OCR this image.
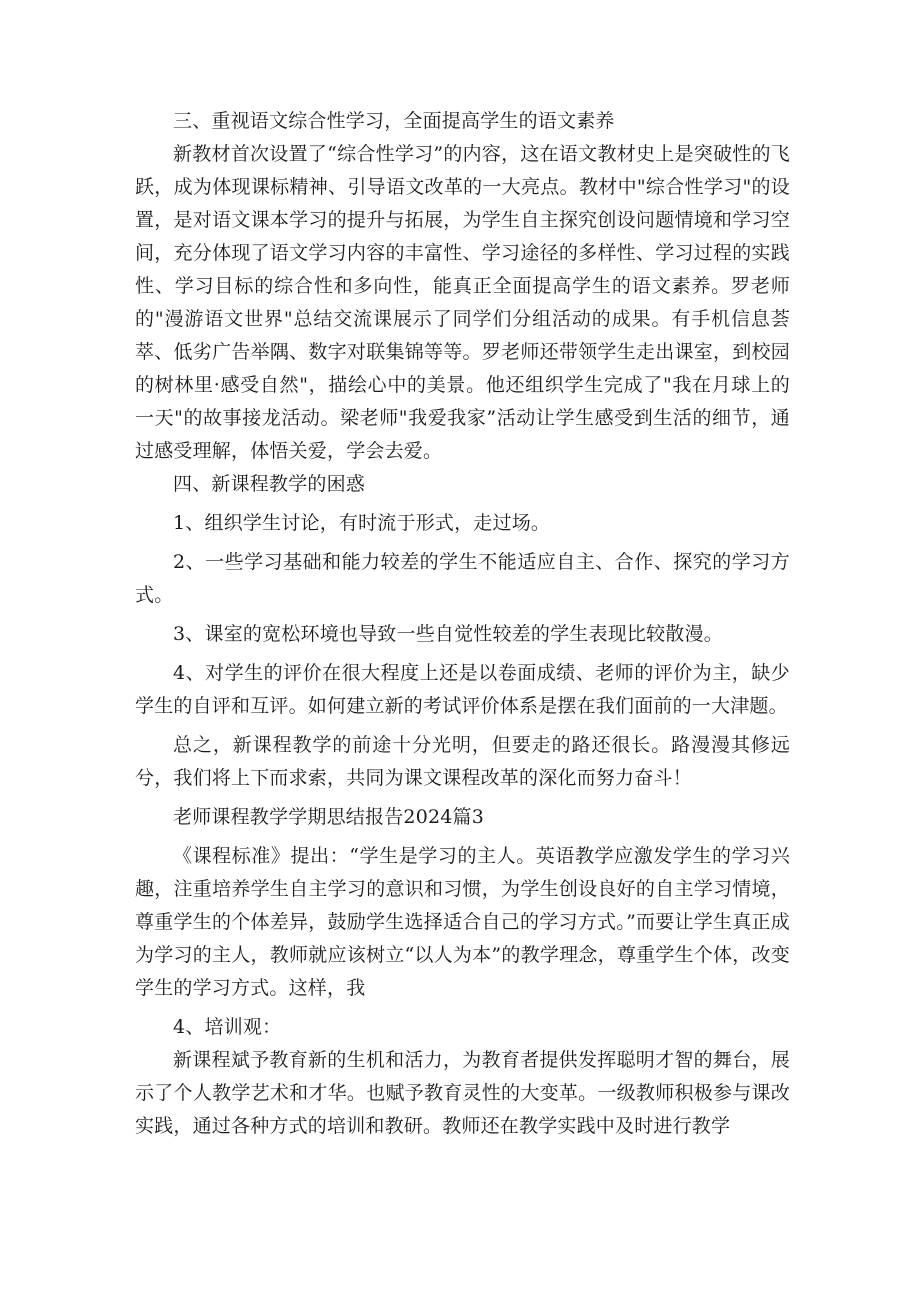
三、重视语文综合性学习，全面提高学生的语文素养

新教材首次设置了“综合性学习”的内容，这在语文教材史上是突破性的飞跃，成为体现课标精神、引导语文改革的一大亮点。教材中"综合性学习"的设置，是对语文课本学习的提升与拓展，为学生自主探究创设问题情境和学习空间，充分体现了语文学习内容的丰富性、学习途径的多样性、学习过程的实践性、学习目标的综合性和多向性，能真正全面提高学生的语文素养。罗老师的"漫游语文世界"总结交流课展示了同学们分组活动的成果。有手机信息荟萃、低劣广告举隅、数字对联集锦等等。罗老师还带领学生走出课室，到校园的树林里·感受自然"，描绘心中的美景。他还组织学生完成了"我在月球上的一天"的故事接龙活动。梁老师"我爱我家”活动让学生感受到生活的细节，通过感受理解，体悟关爱，学会去爱。

四、新课程教学的困惑

1、组织学生讨论，有时流于形式，走过场。

2、一些学习基础和能力较差的学生不能适应自主、合作、探究的学习方式。

3、课室的宽松环境也导致一些自觉性较差的学生表现比较散漫。

4、对学生的评价在很大程度上还是以卷面成绩、老师的评价为主，缺少学生的自评和互评。如何建立新的考试评价体系是摆在我们面前的一大津题。

总之，新课程教学的前途十分光明，但要走的路还很长。路漫漫其修远兮，我们将上下而求索，共同为课文课程改革的深化而努力奋斗！

老师课程教学学期思结报告2024篇3

《课程标准》提出：“学生是学习的主人。英语教学应激发学生的学习兴趣，注重培养学生自主学习的意识和习惯，为学生创设良好的自主学习情境，尊重学生的个体差异，鼓励学生选择适合自己的学习方式。”而要让学生真正成为学习的主人，教师就应该树立“以人为本”的教学理念，尊重学生个体，改变学生的学习方式。这样，我

4、培训观：

新课程斌予教育新的生机和活力，为教育者提供发挥聪明才智的舞台，展示了个人教学艺术和才华。也赋予教育灵性的大变革。一级教师积极参与课改实践，通过各种方式的培训和教研。教师还在教学实践中及时进行教学
